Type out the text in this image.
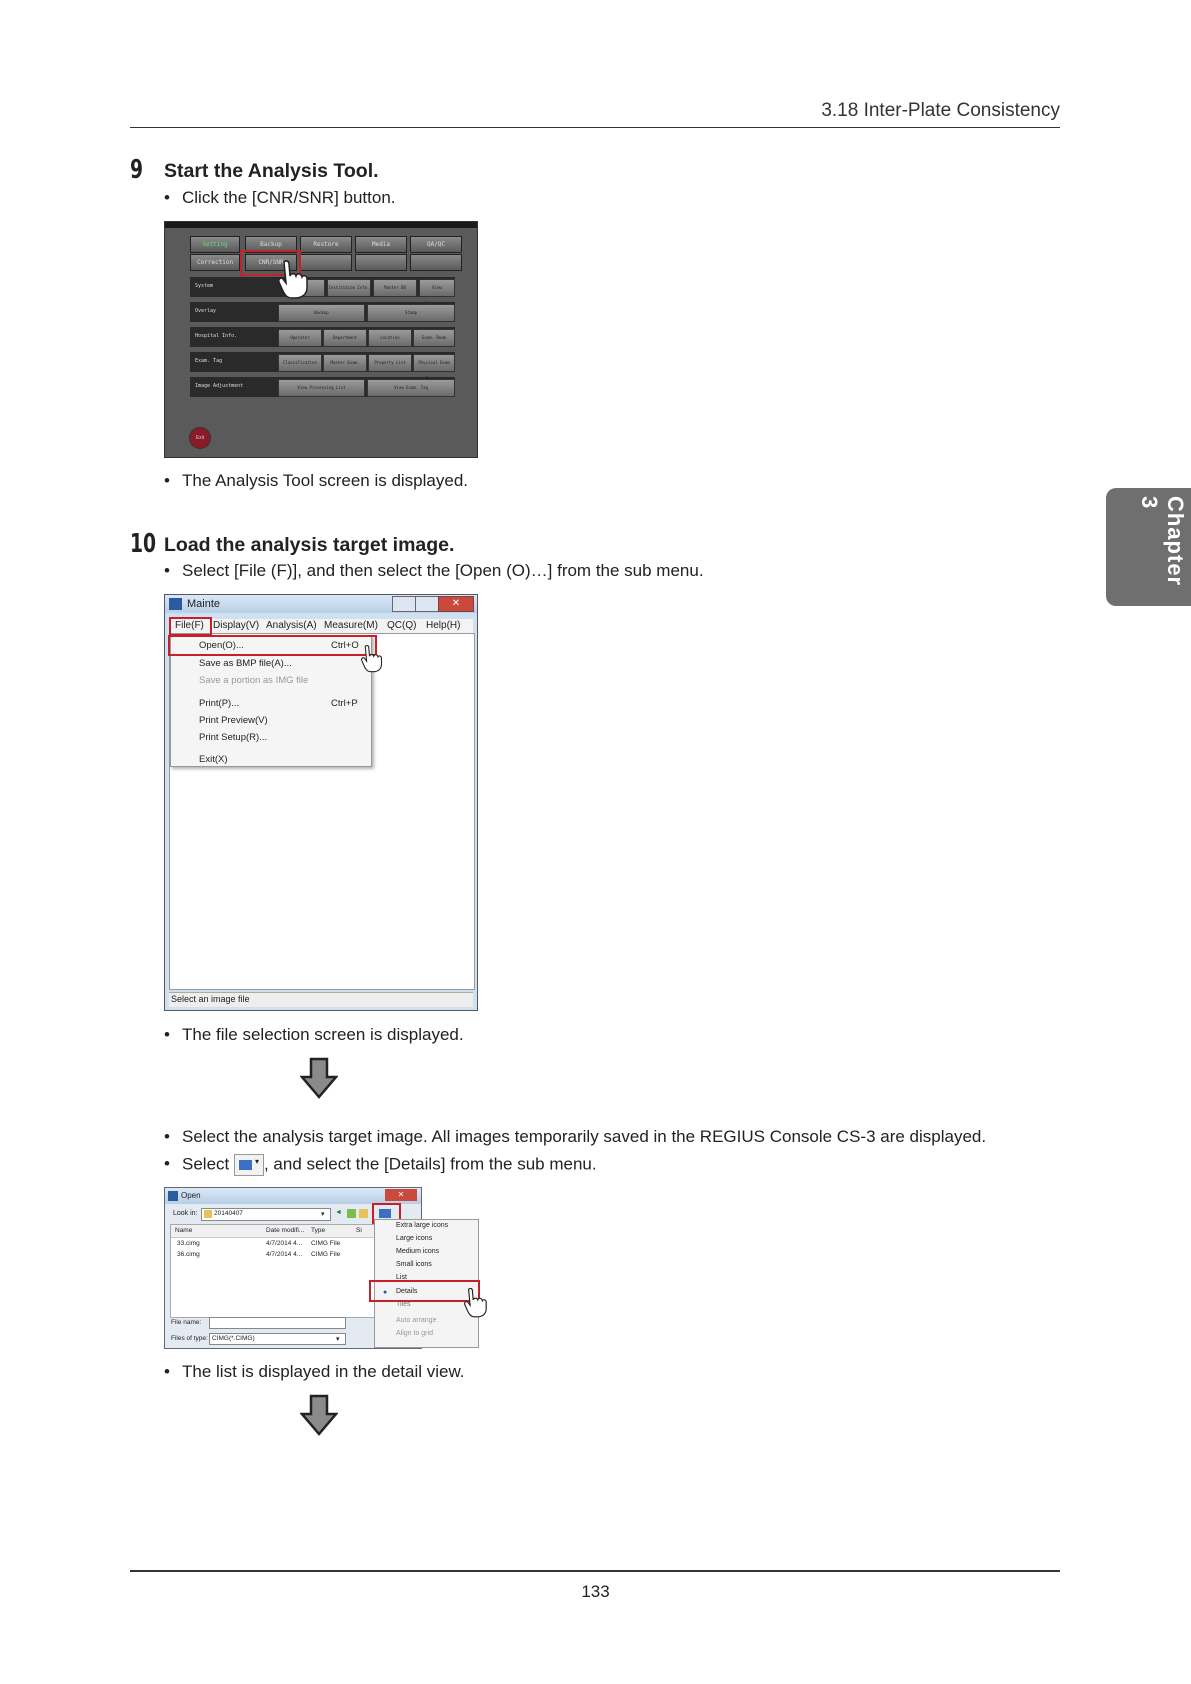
3.18 Inter-Plate Consistency
Chapter 3
9 Start the Analysis Tool.
• Click the [CNR/SNR] button.
Setting	Backup	Restore	Media	QA/QC
Correction	CNR/SNR
System	Institution Info.	Master DB	View
Overlay	Backup	Stamp
Hospital Info.	Operator	Department	Location	Exam. Room
Exam. Tag	Classification	Master Exam.	Property List	Physical Exam
Image Adjustment	View Processing List	View Exam. Tag
Exit
• The Analysis Tool screen is displayed.
10 Load the analysis target image.
• Select [File (F)], and then select the [Open (O)…] from the sub menu.
Mainte	✕
File(F) Display(V) Analysis(A) Measure(M) QC(Q) Help(H)
Open(O)...	Ctrl+O
Save as BMP file(A)...
Save a portion as IMG file
Print(P)...	Ctrl+P
Print Preview(V)
Print Setup(R)...
Exit(X)
Select an image file
• The file selection screen is displayed.
• Select the analysis target image. All images temporarily saved in the REGIUS Console CS-3 are displayed.
• Select	▾ , and select the [Details] from the sub menu.
Open	✕
Look in:	20140407	▾ ◄
Name	Date modifi... Type	Si
33.cimg	4/7/2014 4... CIMG File
36.cimg	4/7/2014 4... CIMG File
File name:
Files of type: CIMG(*.CIMG)	▾
Extra large icons
Large icons
Medium icons
Small icons
List
● Details
Tiles
Auto arrange
Align to grid
• The list is displayed in the detail view.
133
